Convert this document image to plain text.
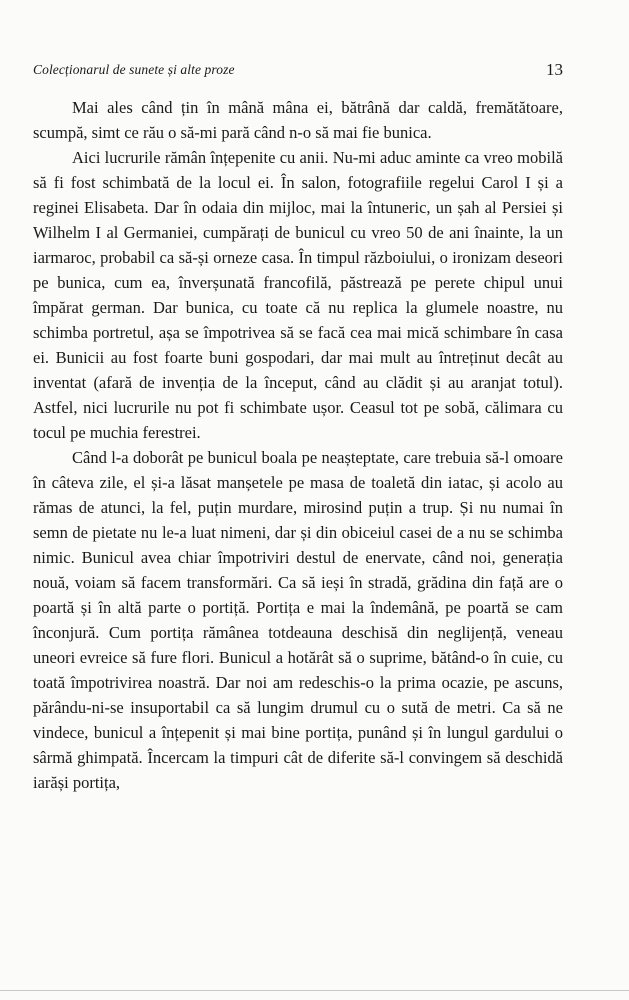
Colecționarul de sunete și alte proze	13

Mai ales când țin în mână mâna ei, bătrână dar caldă, fremătătoare, scumpă, simt ce rău o să-mi pară când n-o să mai fie bunica.

Aici lucrurile rămân înțepenite cu anii. Nu-mi aduc aminte ca vreo mobilă să fi fost schimbată de la locul ei. În salon, fotografiile regelui Carol I și a reginei Elisabeta. Dar în odaia din mijloc, mai la întuneric, un șah al Persiei și Wilhelm I al Germaniei, cumpărați de bunicul cu vreo 50 de ani înainte, la un iarmaroc, probabil ca să-și orneze casa. În timpul războiului, o ironizam deseori pe bunica, cum ea, înverșunată francofilă, păstrează pe perete chipul unui împărat german. Dar bunica, cu toate că nu replica la glumele noastre, nu schimba portretul, așa se împotrivea să se facă cea mai mică schimbare în casa ei. Bunicii au fost foarte buni gospodari, dar mai mult au întreținut decât au inventat (afară de invenția de la început, când au clădit și au aranjat totul). Astfel, nici lucrurile nu pot fi schimbate ușor. Ceasul tot pe sobă, călimara cu tocul pe muchia ferestrei.

Când l-a doborât pe bunicul boala pe neașteptate, care trebuia să-l omoare în câteva zile, el și-a lăsat manșetele pe masa de toaletă din iatac, și acolo au rămas de atunci, la fel, puțin murdare, mirosind puțin a trup. Și nu numai în semn de pietate nu le-a luat nimeni, dar și din obiceiul casei de a nu se schimba nimic. Bunicul avea chiar împotriviri destul de enervate, când noi, generația nouă, voiam să facem transformări. Ca să ieși în stradă, grădina din față are o poartă și în altă parte o portiță. Portița e mai la îndemână, pe poartă se cam înconjură. Cum portița rămânea totdeauna deschisă din neglijență, veneau uneori evreice să fure flori. Bunicul a hotărât să o suprime, bătând-o în cuie, cu toată împotrivirea noastră. Dar noi am redeschis-o la prima ocazie, pe ascuns, părându-ni-se insuportabil ca să lungim drumul cu o sută de metri. Ca să ne vindece, bunicul a înțepenit și mai bine portița, punând și în lungul gardului o sârmă ghimpată. Încercam la timpuri cât de diferite să-l convingem să deschidă iarăși portița,
